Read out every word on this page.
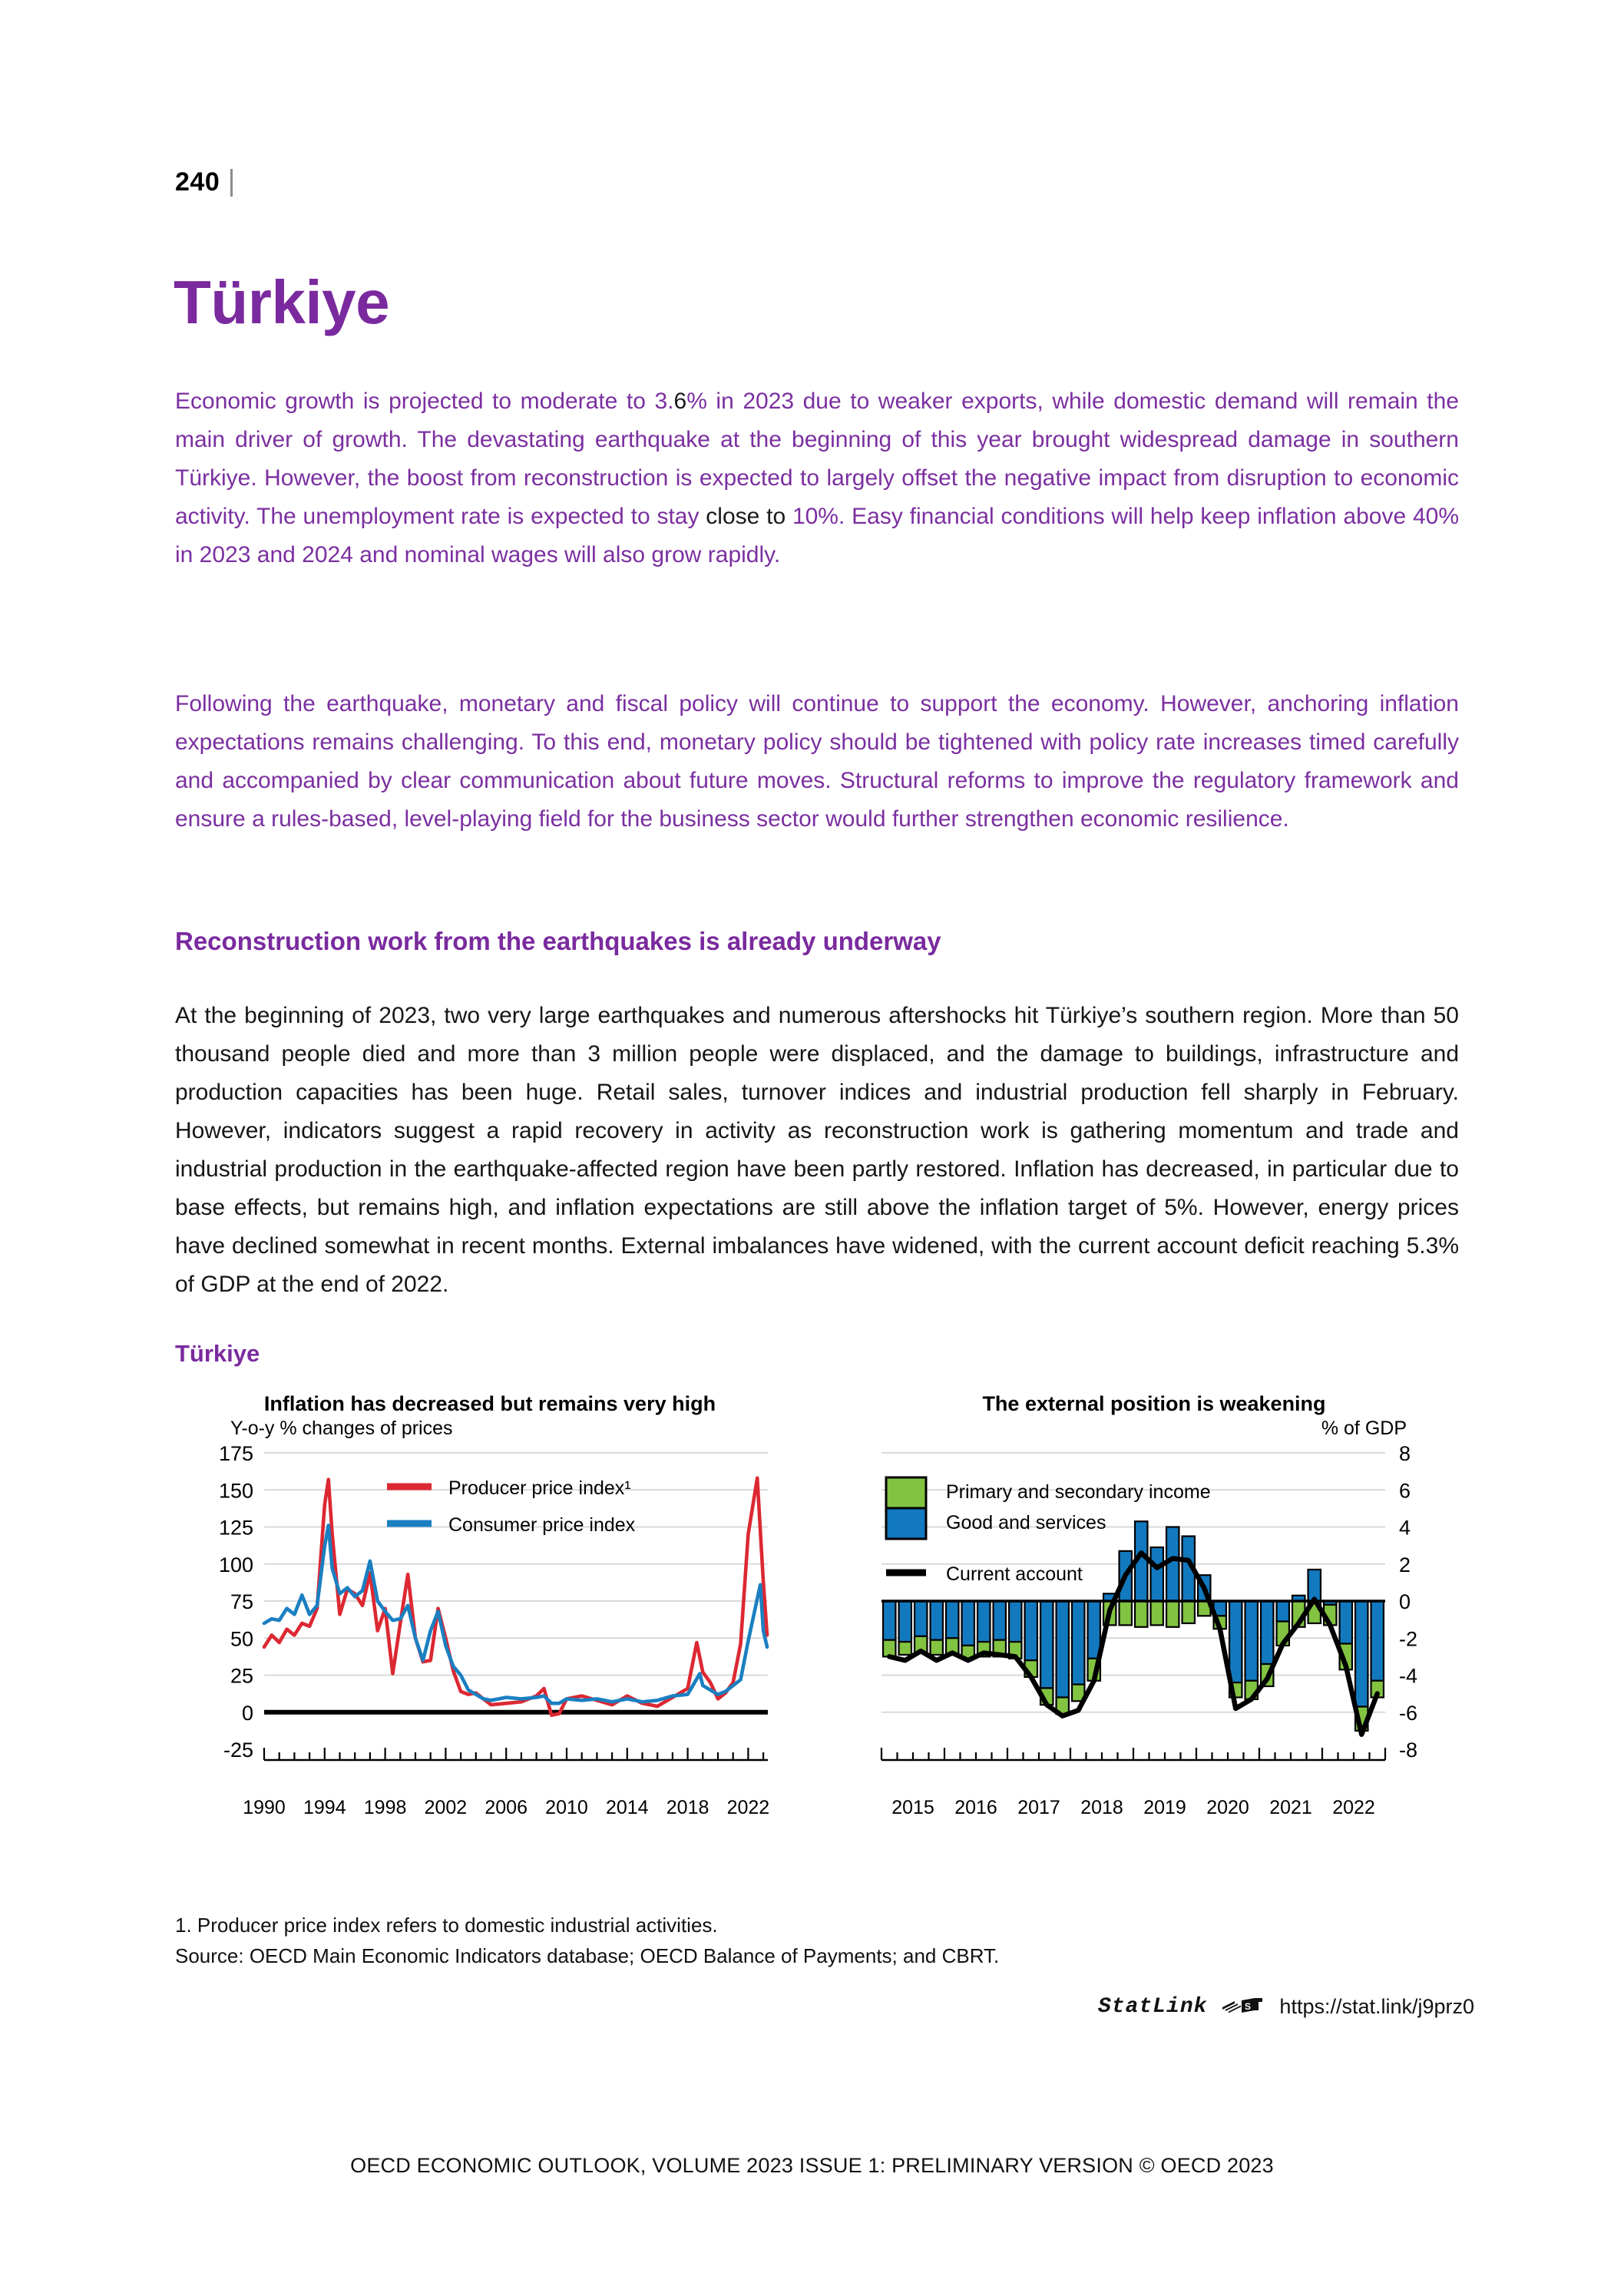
240
Türkiye

Economic growth is projected to moderate to 3.6% in 2023 due to weaker exports, while domestic demand will remain the main driver of growth. The devastating earthquake at the beginning of this year brought widespread damage in southern Türkiye. However, the boost from reconstruction is expected to largely offset the negative impact from disruption to economic activity. The unemployment rate is expected to stay close to 10%. Easy financial conditions will help keep inflation above 40% in 2023 and 2024 and nominal wages will also grow rapidly.

Following the earthquake, monetary and fiscal policy will continue to support the economy. However, anchoring inflation expectations remains challenging. To this end, monetary policy should be tightened with policy rate increases timed carefully and accompanied by clear communication about future moves. Structural reforms to improve the regulatory framework and ensure a rules-based, level-playing field for the business sector would further strengthen economic resilience.

Reconstruction work from the earthquakes is already underway

At the beginning of 2023, two very large earthquakes and numerous aftershocks hit Türkiye’s southern region. More than 50 thousand people died and more than 3 million people were displaced, and the damage to buildings, infrastructure and production capacities has been huge. Retail sales, turnover indices and industrial production fell sharply in February. However, indicators suggest a rapid recovery in activity as reconstruction work is gathering momentum and trade and industrial production in the earthquake-affected region have been partly restored. Inflation has decreased, in particular due to base effects, but remains high, and inflation expectations are still above the inflation target of 5%. However, energy prices have declined somewhat in recent months. External imbalances have widened, with the current account deficit reaching 5.3% of GDP at the end of 2022.

Türkiye
Inflation has decreased but remains very high
Y-o-y % changes of prices
-25
0
25
50
75
100
125
150
175
Producer price index¹
Consumer price index
1990 1994 1998 2002 2006 2010 2014 2018 2022
The external position is weakening
% of GDP
-8
-6
-4
-2
0
2
4
6
8
Primary and secondary income
Good and services
Current account
2015 2016 2017 2018 2019 2020 2021 2022
1. Producer price index refers to domestic industrial activities.
Source: OECD Main Economic Indicators database; OECD Balance of Payments; and CBRT.
StatLink	S https://stat.link/j9prz0
OECD ECONOMIC OUTLOOK, VOLUME 2023 ISSUE 1: PRELIMINARY VERSION © OECD 2023
